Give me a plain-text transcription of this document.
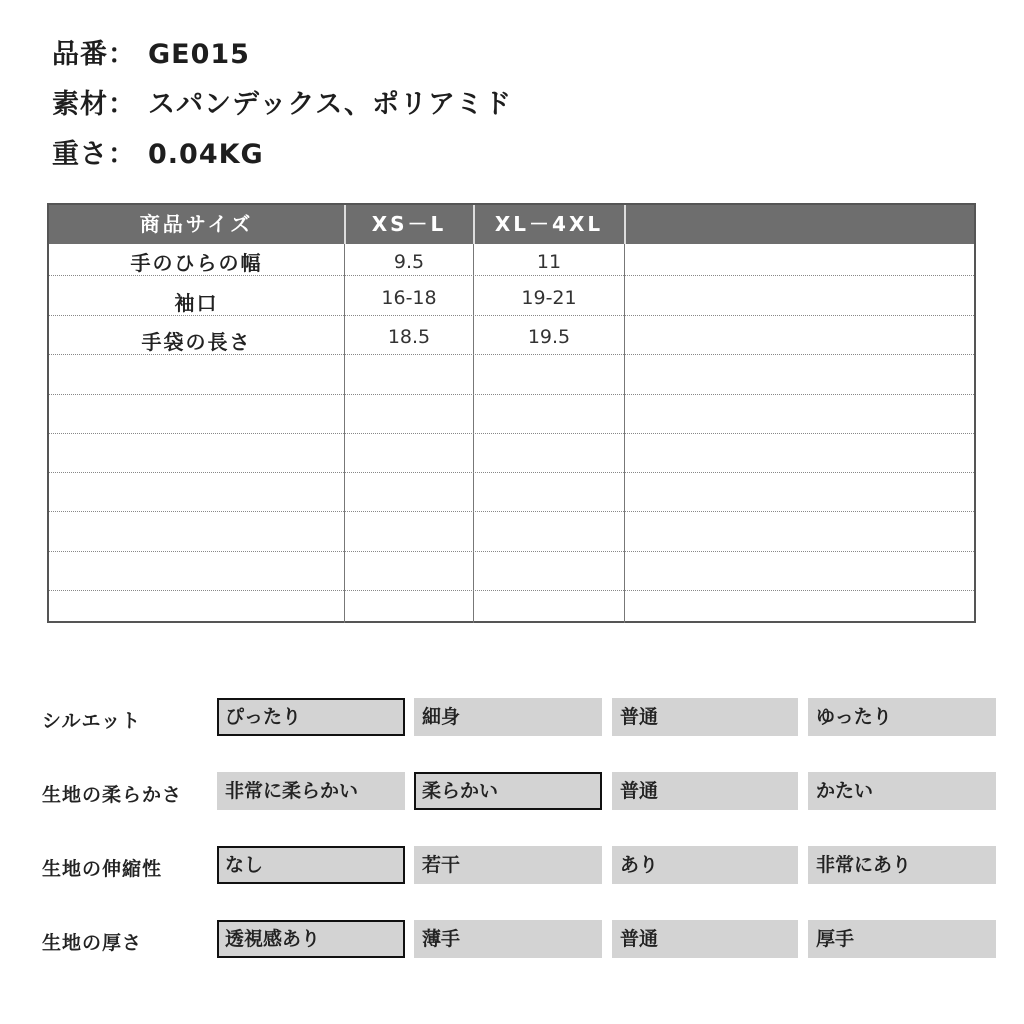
品番： GE015
素材： スパンデックス、ポリアミド
重さ： 0.04KG
商品サイズ	XS－L	XL－4XL
手のひらの幅	9.5	11
袖口	16-18	19-21
手袋の長さ	18.5	19.5
シルエット	ぴったり	細身	普通	ゆったり
生地の柔らかさ	非常に柔らかい	柔らかい	普通	かたい
生地の伸縮性	なし	若干	あり	非常にあり
生地の厚さ	透視感あり	薄手	普通	厚手
